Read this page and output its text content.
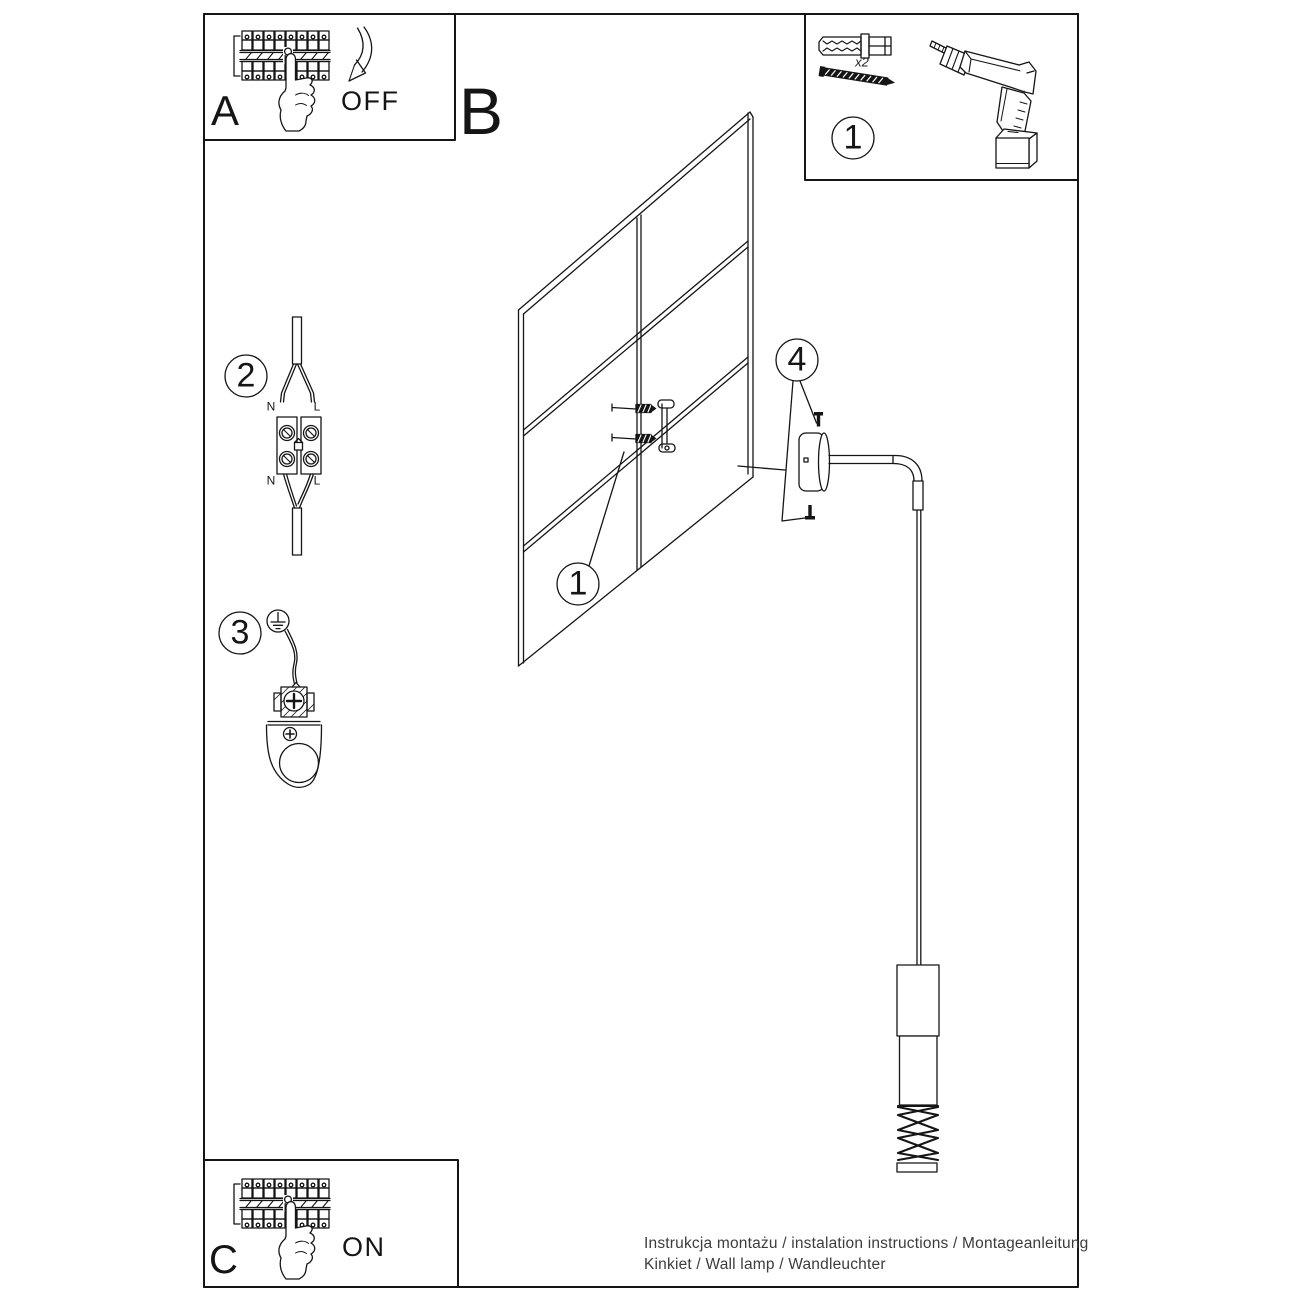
A	OFF B
C	ON
x2
1
1
2
3
4
N	L
N	L
Instrukcja montażu / instalation instructions / Montageanleitung
Kinkiet / Wall lamp / Wandleuchter
